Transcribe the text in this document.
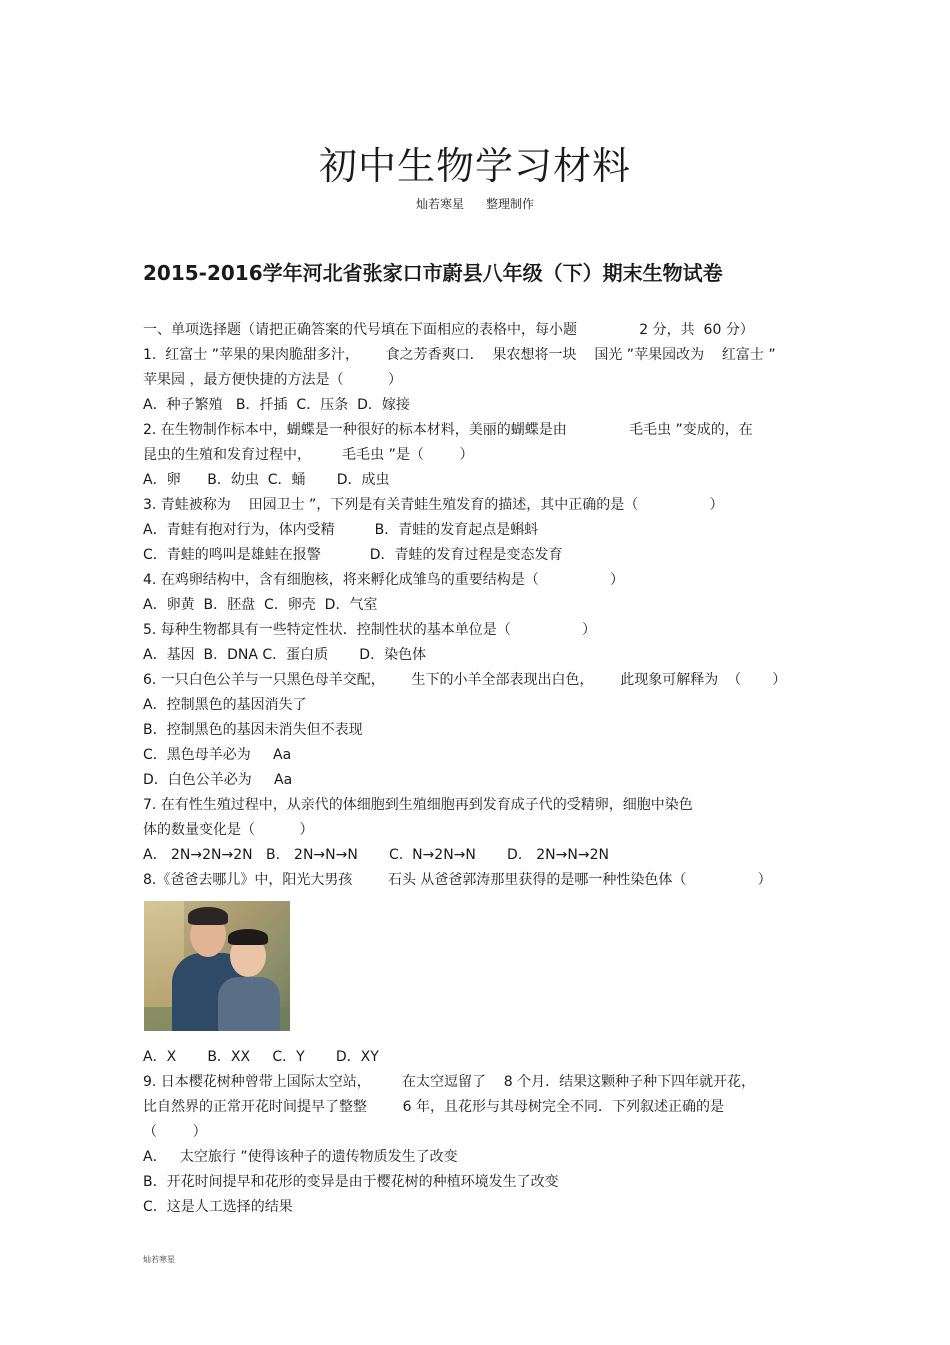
初中生物学习材料
灿若寒星 整理制作
2015-2016学年河北省张家口市蔚县八年级（下）期末生物试卷
一、单项选择题（请把正确答案的代号填在下面相应的表格中，每小题              2 分，共  60 分）
1.  红富士 ”苹果的果肉脆甜多汁，      食之芳香爽口．  果农想将一块    国光 ”苹果园改为    红富士 ”
苹果园 ，最方便快捷的方法是（          ）
A．种子繁殖   B．扦插  C．压条  D．嫁接
2. 在生物制作标本中，蝴蝶是一种很好的标本材料，美丽的蝴蝶是由              毛毛虫 ”变成的，在
昆虫的生殖和发育过程中，       毛毛虫 ”是（        ）
A．卵      B．幼虫  C．蛹       D．成虫
3. 青蛙被称为    田园卫士 ”，下列是有关青蛙生殖发育的描述，其中正确的是（                ）
A．青蛙有抱对行为，体内受精         B．青蛙的发育起点是蝌蚪
C．青蛙的鸣叫是雄蛙在报警           D．青蛙的发育过程是变态发育
4. 在鸡卵结构中，含有细胞核，将来孵化成雏鸟的重要结构是（                ）
A．卵黄  B．胚盘  C．卵壳  D．气室
5. 每种生物都具有一些特定性状．控制性状的基本单位是（                ）
A．基因  B．DNA C．蛋白质       D．染色体
6. 一只白色公羊与一只黑色母羊交配，      生下的小羊全部表现出白色，      此现象可解释为  （       ）
A．控制黑色的基因消失了
B．控制黑色的基因未消失但不表现
C．黑色母羊必为     Aa
D．白色公羊必为     Aa
7. 在有性生殖过程中，从亲代的体细胞到生殖细胞再到发育成子代的受精卵，细胞中染色
体的数量变化是（          ）
A． 2N→2N→2N   B． 2N→N→N       C.  N→2N→N       D． 2N→N→2N
8.《爸爸去哪儿》中，阳光大男孩        石头 从爸爸郭涛那里获得的是哪一种性染色体（                ）
A．X       B．XX     C．Y       D．XY
9. 日本樱花树种曾带上国际太空站，       在太空逗留了    8 个月．结果这颗种子种下四年就开花，
比自然界的正常开花时间提早了整整        6 年，且花形与其母树完全不同．下列叙述正确的是
（        ）
A．   太空旅行 ”使得该种子的遗传物质发生了改变
B．开花时间提早和花形的变异是由于樱花树的种植环境发生了改变
C．这是人工选择的结果
灿若寒星
